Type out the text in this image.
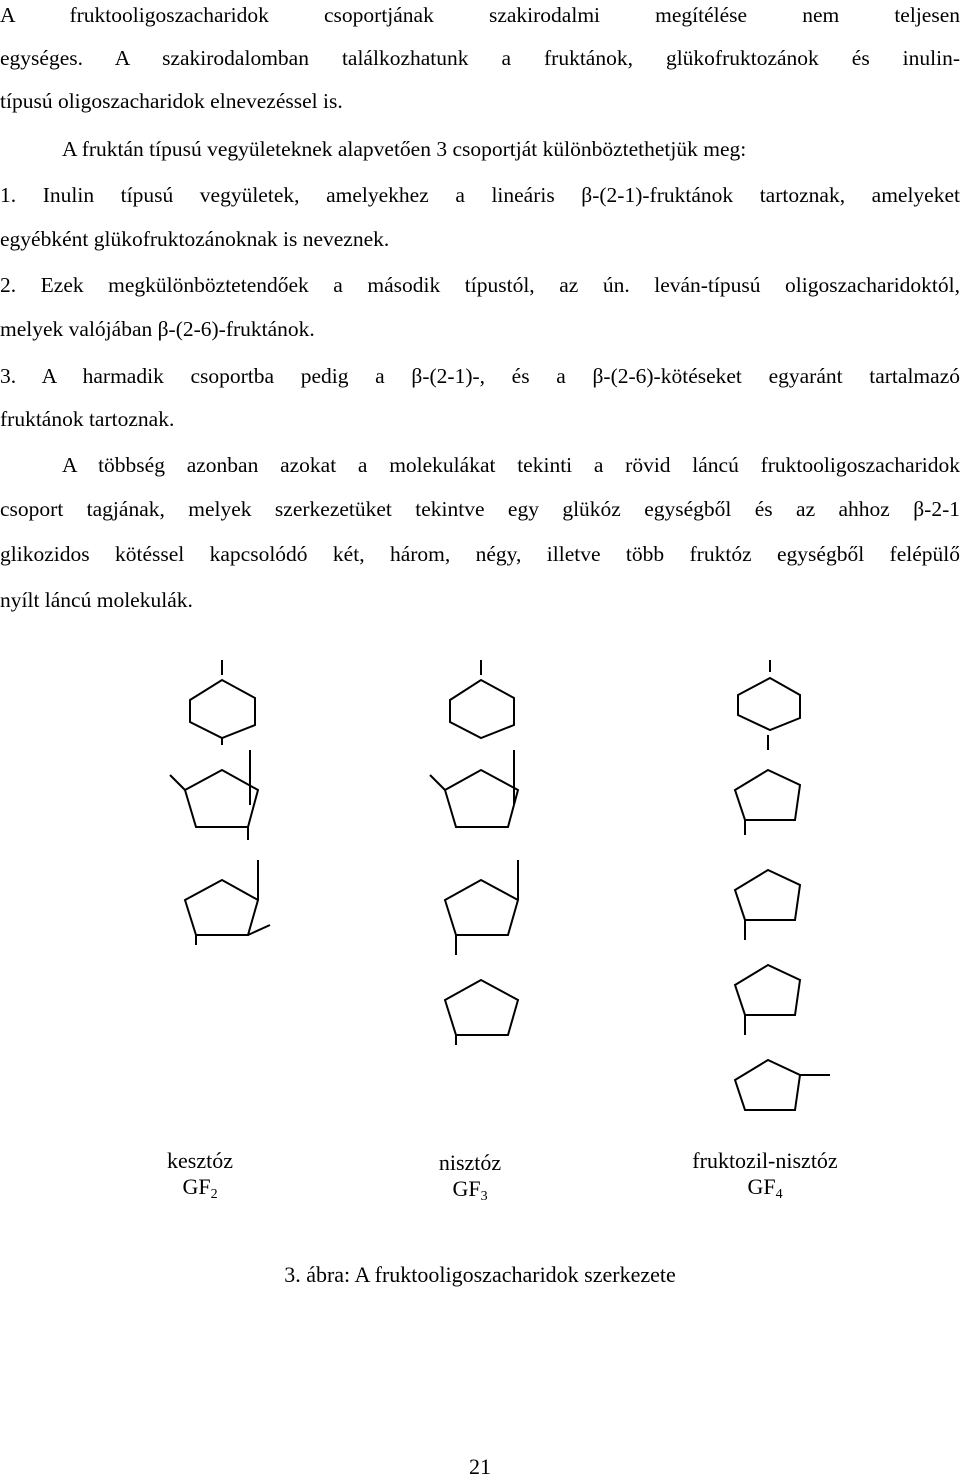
A fruktooligoszacharidok csoportjának szakirodalmi megítélése nem teljesen
egységes. A szakirodalomban találkozhatunk a fruktánok, glükofruktozánok és inulin-
típusú oligoszacharidok elnevezéssel is.
A fruktán típusú vegyületeknek alapvetően 3 csoportját különböztethetjük meg:
1. Inulin típusú vegyületek, amelyekhez a lineáris β-(2-1)-fruktánok tartoznak, amelyeket
egyébként glükofruktozánoknak is neveznek.
2. Ezek megkülönböztetendőek a második típustól, az ún. leván-típusú oligoszacharidoktól,
melyek valójában β-(2-6)-fruktánok.
3. A harmadik csoportba pedig a β-(2-1)-, és a β-(2-6)-kötéseket egyaránt tartalmazó
fruktánok tartoznak.
A többség azonban azokat a molekulákat tekinti a rövid láncú fruktooligoszacharidok
csoport tagjának, melyek szerkezetüket tekintve egy glükóz egységből és az ahhoz β-2-1
glikozidos kötéssel kapcsolódó két, három, négy, illetve több fruktóz egységből felépülő
nyílt láncú molekulák.
kesztóz
$GF_2$
nisztóz
$GF_3$
fruktozil-nisztóz
$GF_4$
3. ábra: A fruktooligoszacharidok szerkezete
21
